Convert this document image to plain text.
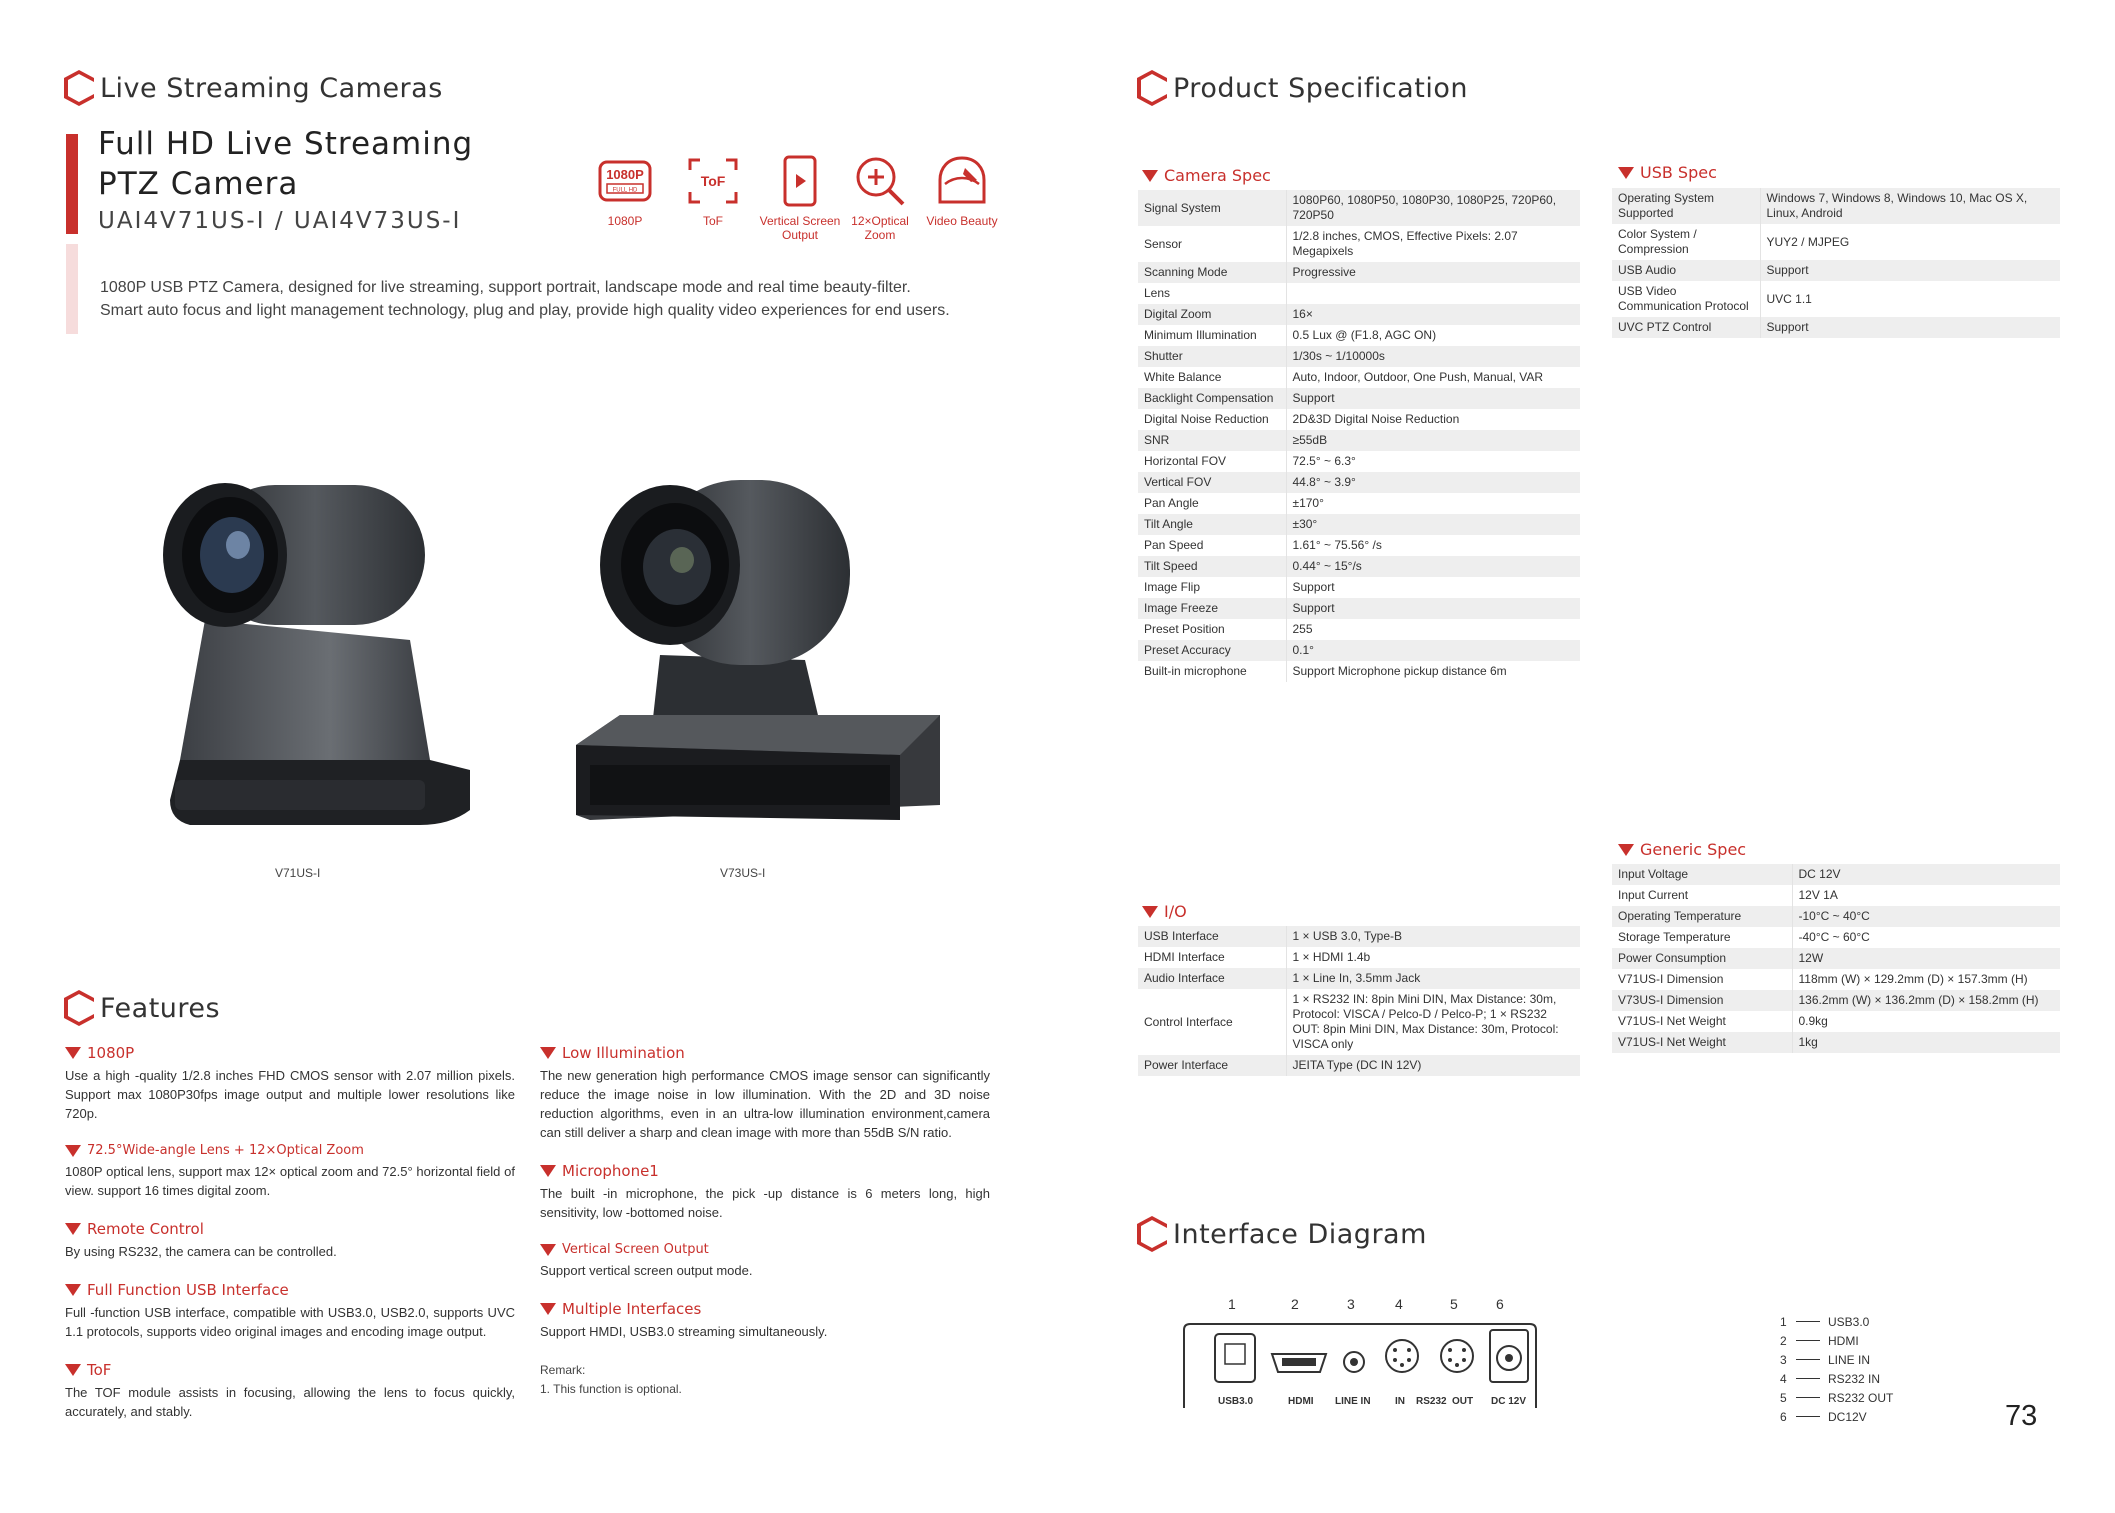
Live Streaming Cameras
Full HD Live Streaming PTZ Camera
UAI4V71US-I / UAI4V73US-I
1080P USB PTZ Camera, designed for live streaming, support portrait, landscape mode and real time beauty-filter. Smart auto focus and light management technology, plug and play, provide high quality video experiences for end users.
1080P
FULL HD
1080P
ToF
ToF	Vertical Screen Output
12×Optical Zoom
Video Beauty
V71US-I	V73US-I
Features
1080P

Use a high -quality 1/2.8 inches FHD CMOS sensor with 2.07 million pixels. Support max 1080P30fps image output and multiple lower resolutions like 720p.

72.5°Wide-angle Lens + 12×Optical Zoom

1080P optical lens, support max 12× optical zoom and 72.5° horizontal field of view. support 16 times digital zoom.

Remote Control

By using RS232, the camera can be controlled.

Full Function USB Interface

Full -function USB interface, compatible with USB3.0, USB2.0, supports UVC 1.1 protocols, supports video original images and encoding image output.

ToF

The TOF module assists in focusing, allowing the lens to focus quickly, accurately, and stably.

Low Illumination

The new generation high performance CMOS image sensor can significantly reduce the image noise in low illumination. With the 2D and 3D noise reduction algorithms, even in an ultra-low illumination environment,camera can still deliver a sharp and clean image with more than 55dB S/N ratio.

Microphone1

The built -in microphone, the pick -up distance is 6 meters long, high sensitivity, low -bottomed noise.

Vertical Screen Output

Support vertical screen output mode.

Multiple Interfaces

Support HMDI, USB3.0 streaming simultaneously.

Remark:
1. This function is optional.
Product Specification
Camera Spec
Signal System	1080P60, 1080P50, 1080P30, 1080P25, 720P60, 720P50
Sensor	1/2.8 inches, CMOS, Effective Pixels: 2.07 Megapixels
Scanning Mode	Progressive
Lens	
Digital Zoom	16×
Minimum Illumination	0.5 Lux @ (F1.8, AGC ON)
Shutter	1/30s ~ 1/10000s
White Balance	Auto, Indoor, Outdoor, One Push, Manual, VAR
Backlight Compensation	Support
Digital Noise Reduction	2D&3D Digital Noise Reduction
SNR	≥55dB
Horizontal FOV	72.5° ~ 6.3°
Vertical FOV	44.8° ~ 3.9°
Pan Angle	±170°
Tilt Angle	±30°
Pan Speed	1.61° ~ 75.56° /s
Tilt Speed	0.44° ~ 15°/s
Image Flip	Support
Image Freeze	Support
Preset Position	255
Preset Accuracy	0.1°
Built-in microphone	Support Microphone pickup distance 6m
USB Spec
Operating System Supported	Windows 7, Windows 8, Windows 10, Mac OS X, Linux, Android
Color System / Compression	YUY2 / MJPEG
USB Audio	Support
USB Video Communication Protocol	UVC 1.1
UVC PTZ Control	Support
I/O
USB Interface	1 × USB 3.0, Type-B
HDMI Interface	1 × HDMI 1.4b
Audio Interface	1 × Line In, 3.5mm Jack
Control Interface	1 × RS232 IN: 8pin Mini DIN, Max Distance: 30m, Protocol: VISCA / Pelco-D / Pelco-P; 1 × RS232 OUT: 8pin Mini DIN, Max Distance: 30m, Protocol: VISCA only
Power Interface	JEITA Type (DC IN 12V)
Generic Spec
Input Voltage	DC 12V
Input Current	12V 1A
Operating Temperature	-10°C ~ 40°C
Storage Temperature	-40°C ~ 60°C
Power Consumption	12W
V71US-I Dimension	118mm (W) × 129.2mm (D) × 157.3mm (H)
V73US-I Dimension	136.2mm (W) × 136.2mm (D) × 158.2mm (H)
V71US-I Net Weight	0.9kg
V71US-I Net Weight	1kg
Interface Diagram
1	2	3	4	5	6
USB3.0	HDMI LINE IN IN RS232 OUT DC 12V
1	USB3.0
2	HDMI
3	LINE IN
4	RS232 IN
5	RS232 OUT
6	DC12V	73
